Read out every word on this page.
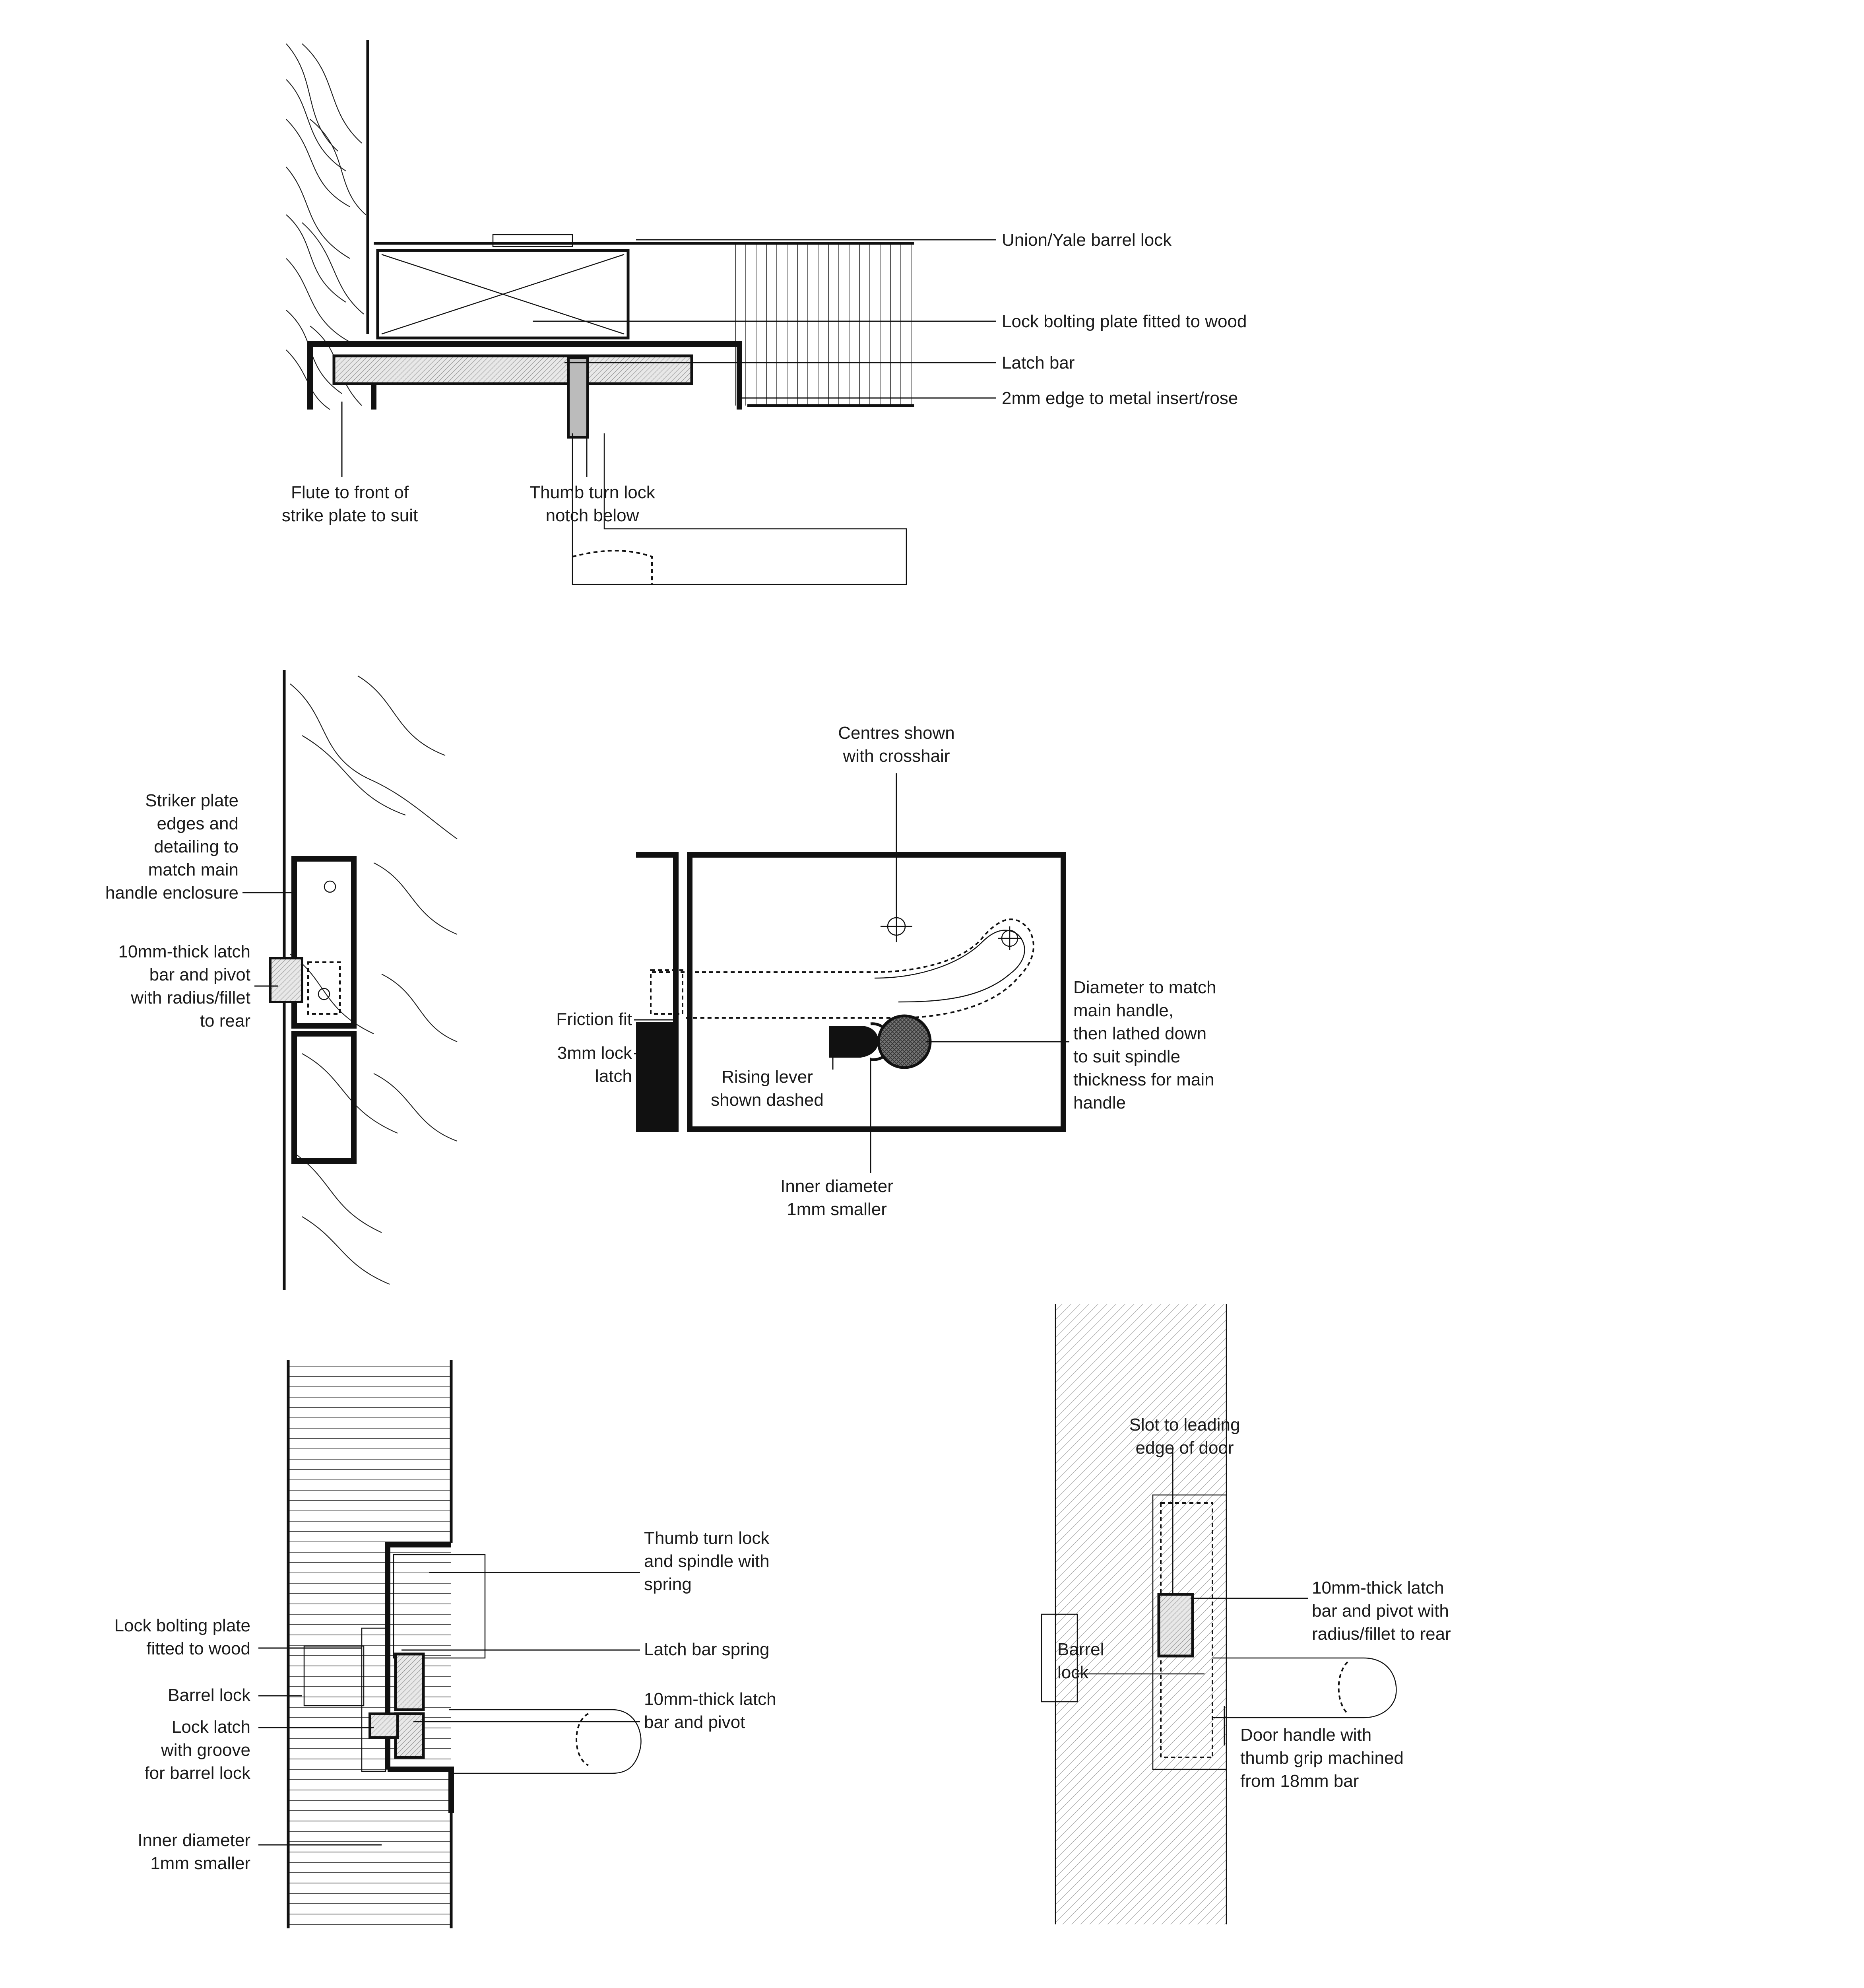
Union/Yale barrel lock
Lock bolting plate fitted to wood
Latch bar
2mm edge to metal insert/rose
Flute to front of
strike plate to suit
Thumb turn lock
notch below
Striker plate
edges and
detailing to
match main
handle enclosure
10mm-thick latch
bar and pivot
with radius/fillet
to rear
Centres shown
with crosshair
Friction fit
3mm lock
latch	Rising lever
shown dashed
Diameter to match
main handle,
then lathed down
to suit spindle
thickness for main
handle
Inner diameter
1mm smaller
Thumb turn lock
and spindle with
spring
Latch bar spring
10mm-thick latch
bar and pivot
Lock bolting plate
fitted to wood
Barrel lock
Lock latch
with groove
for barrel lock
Inner diameter
1mm smaller
Slot to leading
edge of door
10mm-thick latch
bar and pivot with
radius/fillet to rear
Barrel
lock
Door handle with
thumb grip machined
from 18mm bar
